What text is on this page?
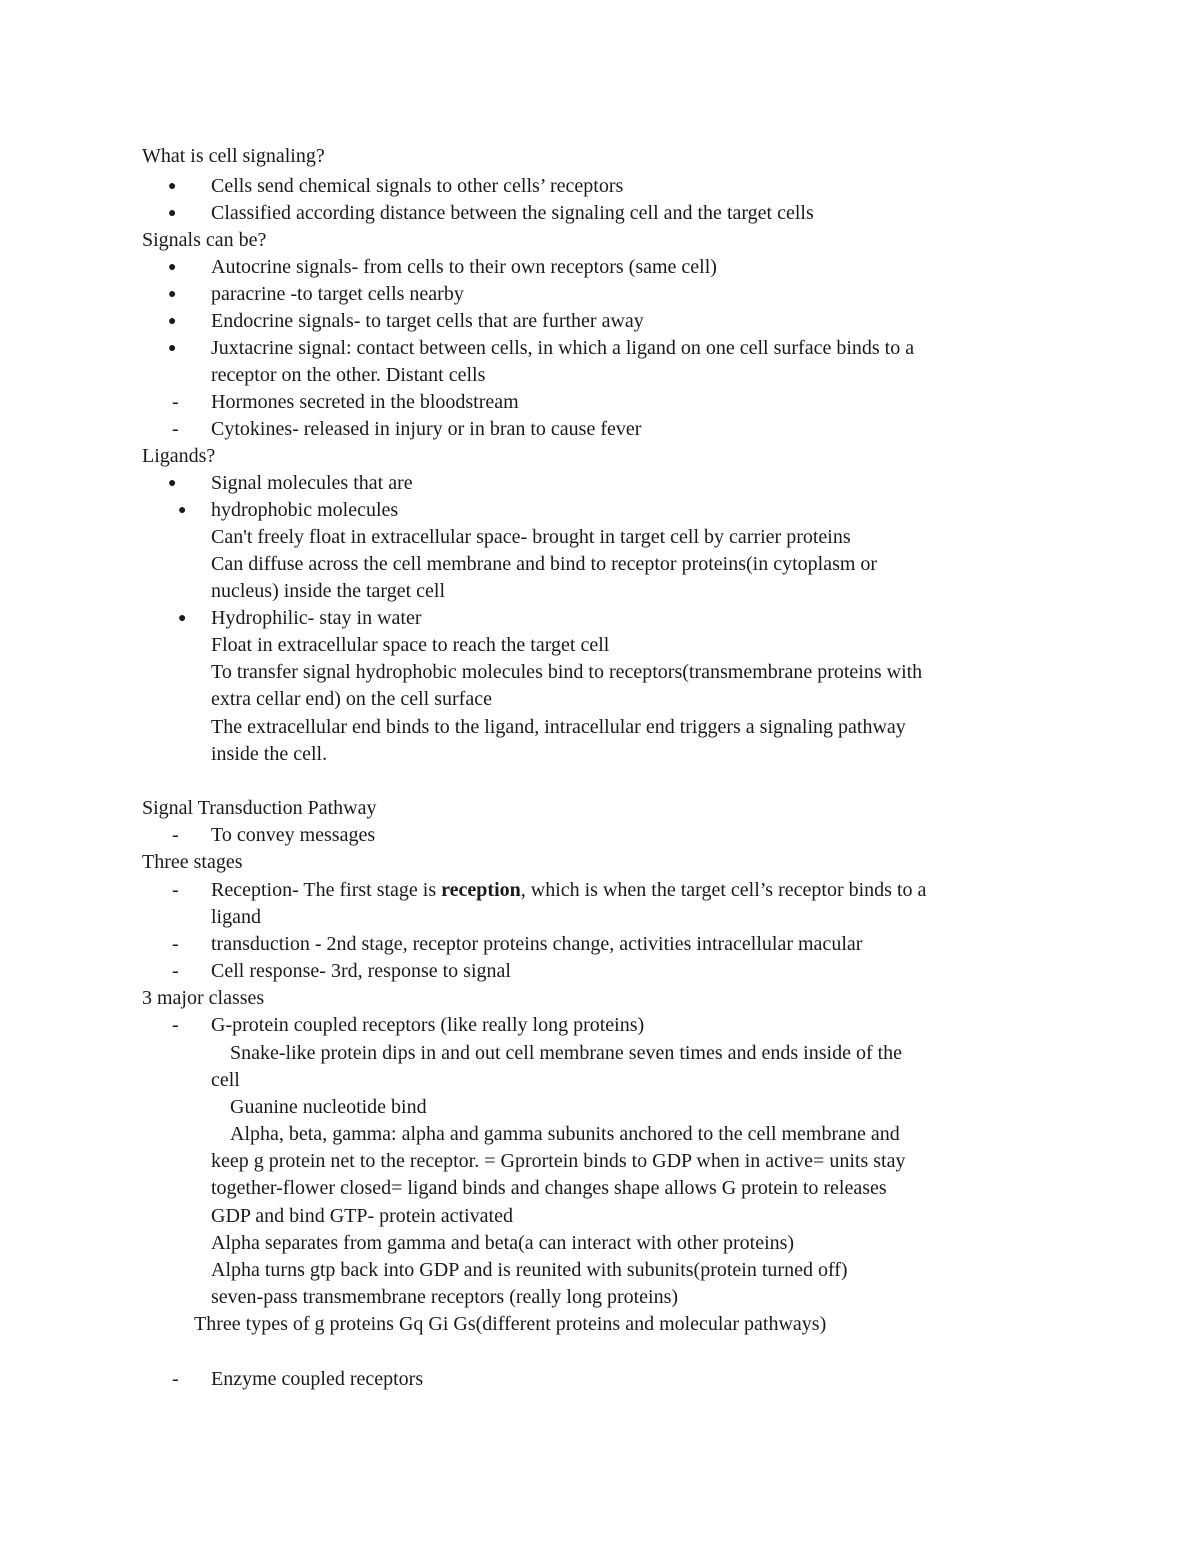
What is cell signaling?
● Cells send chemical signals to other cells’ receptors
● Classified according distance between the signaling cell and the target cells
Signals can be?
● Autocrine signals- from cells to their own receptors (same cell)
● paracrine -to target cells nearby
● Endocrine signals- to target cells that are further away
● Juxtacrine signal: contact between cells, in which a ligand on one cell surface binds to a
receptor on the other. Distant cells
- Hormones secreted in the bloodstream
- Cytokines- released in injury or in bran to cause fever
Ligands?
● Signal molecules that are
● hydrophobic molecules
Can't freely float in extracellular space- brought in target cell by carrier proteins
Can diffuse across the cell membrane and bind to receptor proteins(in cytoplasm or
nucleus) inside the target cell
● Hydrophilic- stay in water
Float in extracellular space to reach the target cell
To transfer signal hydrophobic molecules bind to receptors(transmembrane proteins with
extra cellar end) on the cell surface
The extracellular end binds to the ligand, intracellular end triggers a signaling pathway
inside the cell.
Signal Transduction Pathway
- To convey messages
Three stages
- Reception- The first stage is reception, which is when the target cell’s receptor binds to a
ligand
- transduction - 2nd stage, receptor proteins change, activities intracellular macular
- Cell response- 3rd, response to signal
3 major classes
- G-protein coupled receptors (like really long proteins)
Snake-like protein dips in and out cell membrane seven times and ends inside of the
cell
Guanine nucleotide bind
Alpha, beta, gamma: alpha and gamma subunits anchored to the cell membrane and
keep g protein net to the receptor. = Gprortein binds to GDP when in active= units stay
together-flower closed= ligand binds and changes shape allows G protein to releases
GDP and bind GTP- protein activated
Alpha separates from gamma and beta(a can interact with other proteins)
Alpha turns gtp back into GDP and is reunited with subunits(protein turned off)
seven-pass transmembrane receptors (really long proteins)
Three types of g proteins Gq Gi Gs(different proteins and molecular pathways)
- Enzyme coupled receptors
